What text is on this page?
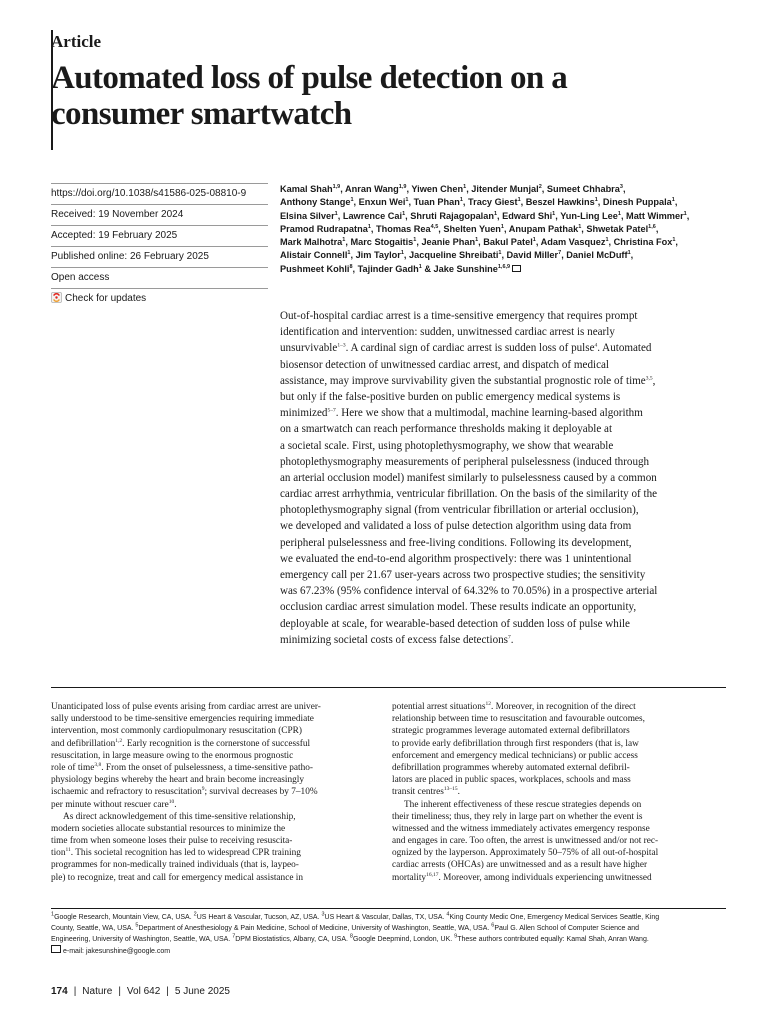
Article
Automated loss of pulse detection on a
consumer smartwatch
https://doi.org/10.1038/s41586-025-08810-9
Received: 19 November 2024
Accepted: 19 February 2025
Published online: 26 February 2025
Open access
Check for updates
Kamal Shah$^{1,9}$, Anran Wang$^{1,9}$, Yiwen Chen$^1$, Jitender Munjal$^2$, Sumeet Chhabra$^3$,
Anthony Stange$^1$, Enxun Wei$^1$, Tuan Phan$^1$, Tracy Giest$^1$, Beszel Hawkins$^1$, Dinesh Puppala$^1$,
Elsina Silver$^1$, Lawrence Cai$^1$, Shruti Rajagopalan$^1$, Edward Shi$^1$, Yun-Ling Lee$^1$, Matt Wimmer$^1$,
Pramod Rudrapatna$^1$, Thomas Rea$^{4,5}$, Shelten Yuen$^1$, Anupam Pathak$^1$, Shwetak Patel$^{1,6}$,
Mark Malhotra$^1$, Marc Stogaitis$^1$, Jeanie Phan$^1$, Bakul Patel$^1$, Adam Vasquez$^1$, Christina Fox$^1$,
Alistair Connell$^1$, Jim Taylor$^1$, Jacqueline Shreibati$^1$, David Miller$^7$, Daniel McDuff$^1$,
Pushmeet Kohli$^8$, Tajinder Gadh$^1$ & Jake Sunshine$^{1,6,9}$
Out-of-hospital cardiac arrest is a time-sensitive emergency that requires prompt
identification and intervention: sudden, unwitnessed cardiac arrest is nearly
unsurvivable$^{1-3}$. A cardinal sign of cardiac arrest is sudden loss of pulse$^4$. Automated
biosensor detection of unwitnessed cardiac arrest, and dispatch of medical
assistance, may improve survivability given the substantial prognostic role of time$^{3,5}$,
but only if the false-positive burden on public emergency medical systems is
minimized$^{5-7}$. Here we show that a multimodal, machine learning-based algorithm
on a smartwatch can reach performance thresholds making it deployable at
a societal scale. First, using photoplethysmography, we show that wearable
photoplethysmography measurements of peripheral pulselessness (induced through
an arterial occlusion model) manifest similarly to pulselessness caused by a common
cardiac arrest arrhythmia, ventricular fibrillation. On the basis of the similarity of the
photoplethysmography signal (from ventricular fibrillation or arterial occlusion),
we developed and validated a loss of pulse detection algorithm using data from
peripheral pulselessness and free-living conditions. Following its development,
we evaluated the end-to-end algorithm prospectively: there was 1 unintentional
emergency call per 21.67 user-years across two prospective studies; the sensitivity
was 67.23% (95% confidence interval of 64.32% to 70.05%) in a prospective arterial
occlusion cardiac arrest simulation model. These results indicate an opportunity,
deployable at scale, for wearable-based detection of sudden loss of pulse while
minimizing societal costs of excess false detections$^7$.
Unanticipated loss of pulse events arising from cardiac arrest are univer-
sally understood to be time-sensitive emergencies requiring immediate
intervention, most commonly cardiopulmonary resuscitation (CPR)
and defibrillation$^{1,2}$. Early recognition is the cornerstone of successful
resuscitation, in large measure owing to the enormous prognostic
role of time$^{3,8}$. From the onset of pulselessness, a time-sensitive patho-
physiology begins whereby the heart and brain become increasingly
ischaemic and refractory to resuscitation$^9$; survival decreases by 7–10%
per minute without rescuer care$^{10}$.
As direct acknowledgement of this time-sensitive relationship,
modern societies allocate substantial resources to minimize the
time from when someone loses their pulse to receiving resuscita-
tion$^{11}$. This societal recognition has led to widespread CPR training
programmes for non-medically trained individuals (that is, laypeo-
ple) to recognize, treat and call for emergency medical assistance in
potential arrest situations$^{12}$. Moreover, in recognition of the direct
relationship between time to resuscitation and favourable outcomes,
strategic programmes leverage automated external defibrillators
to provide early defibrillation through first responders (that is, law
enforcement and emergency medical technicians) or public access
defibrillation programmes whereby automated external defibril-
lators are placed in public spaces, workplaces, schools and mass
transit centres$^{13-15}$.
The inherent effectiveness of these rescue strategies depends on
their timeliness; thus, they rely in large part on whether the event is
witnessed and the witness immediately activates emergency response
and engages in care. Too often, the arrest is unwitnessed and/or not rec-
ognized by the layperson. Approximately 50–75% of all out-of-hospital
cardiac arrests (OHCAs) are unwitnessed and as a result have higher
mortality$^{16,17}$. Moreover, among individuals experiencing unwitnessed
$^1$Google Research, Mountain View, CA, USA. $^2$US Heart & Vascular, Tucson, AZ, USA. $^3$US Heart & Vascular, Dallas, TX, USA. $^4$King County Medic One, Emergency Medical Services Seattle, King
County, Seattle, WA, USA. $^5$Department of Anesthesiology & Pain Medicine, School of Medicine, University of Washington, Seattle, WA, USA. $^6$Paul G. Allen School of Computer Science and
Engineering, University of Washington, Seattle, WA, USA. $^7$DPM Biostatistics, Albany, CA, USA. $^8$Google Deepmind, London, UK. $^9$These authors contributed equally: Kamal Shah, Anran Wang.
e-mail: jakesunshine@google.com
174 | Nature | Vol 642 | 5 June 2025
